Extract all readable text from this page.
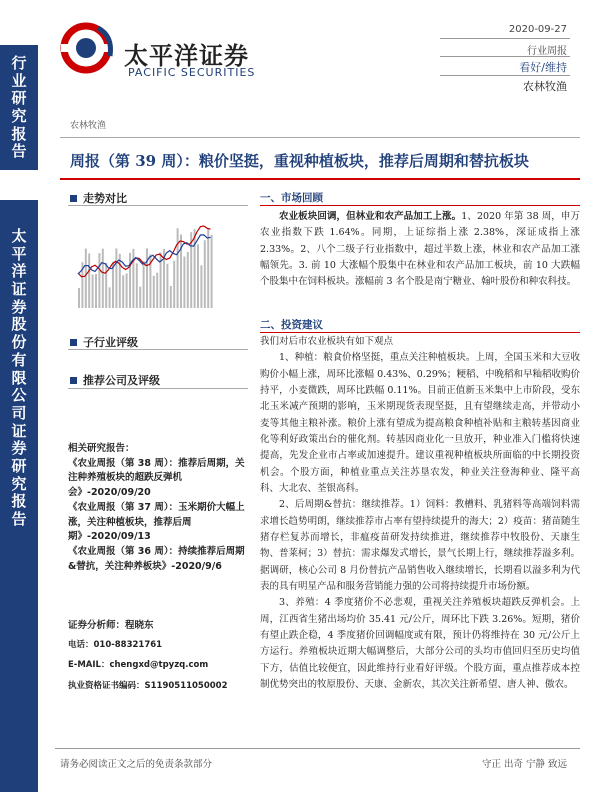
行
业
研
究
报
告
太
平
洋
证
券
股
份
有
限
公
司
证
券
研
究
报
告
太平洋证券
PACIFIC SECURITIES
2020-09-27
行业周报
看好/维持
农林牧渔
农林牧渔
周报（第 39 周）：粮价坚挺，重视种植板块，推荐后周期和替抗板块
走势对比
子行业评级
推荐公司及评级
相关研究报告：
《农业周报（第 38 周）：推荐后周期，关注种养殖板块的超跌反弹机会》-2020/09/20
《农业周报（第 37 周）：玉米期价大幅上涨，关注种植板块，推荐后周期》-2020/09/13
《农业周报（第 36 周）：持续推荐后周期&替抗，关注种养板块》-2020/9/6
证券分析师：程晓东
电话：010-88321761
E-MAIL：chengxd@tpyzq.com
执业资格证书编码：S1190511050002
一、市场回顾
农业板块回调，但林业和农产品加工上涨。1、2020 年第 38 周，申万农业指数下跌 1.64%。同期，上证综指上涨 2.38%，深证成指上涨 2.33%。2、八个二级子行业指数中，超过半数上涨，林业和农产品加工涨幅领先。3. 前 10 大涨幅个股集中在林业和农产品加工板块，前 10 大跌幅个股集中在饲料板块。涨幅前 3 名个股是南宁糖业、翰叶股份和种农科技。
二、投资建议
我们对后市农业板块有如下观点
1、种植：粮食价格坚挺，重点关注种植板块。上周，全国玉米和大豆收购价小幅上涨，周环比涨幅 0.43%、0.29%；粳稻、中晚稻和早籼稻收购价持平，小麦微跌，周环比跌幅 0.11%。目前正值新玉米集中上市阶段，受东北玉米减产预期的影响，玉米期现货表现坚挺，且有望继续走高，并带动小麦等其他主粮补涨。粮价上涨有望成为提高粮食种植补贴和主粮转基因商业化等利好政策出台的催化剂。转基因商业化一旦放开，种业准入门槛将快速提高，先发企业市占率或加速提升。建议重视种植板块所面临的中长期投资机会。个股方面，种植业重点关注苏垦农发，种业关注登海种业、隆平高科、大北农、荃银高科。
2、后周期&替抗：继续推荐。1）饲料：教槽料、乳猪料等高端饲料需求增长趋势明朗，继续推荐市占率有望持续提升的海大；2）疫苗：猪苗随生猪存栏复苏而增长，非瘟疫苗研发持续推进，继续推荐中牧股份、天康生物、普莱柯；3）替抗：需求爆发式增长，景气长期上行，继续推荐溢多利。据调研，核心公司 8 月份替抗产品销售收入继续增长，长期看以溢多利为代表的具有明星产品和服务营销能力强的公司将持续提升市场份额。
3、养殖：4 季度猪价不必悲观，重视关注养殖板块超跌反弹机会。上周，江西省生猪出场均价 35.41 元/公斤，周环比下跌 3.26%。短期，猪价有望止跌企稳，4 季度猪价回调幅度或有限，预计仍将维持在 30 元/公斤上方运行。养殖板块近期大幅调整后，大部分公司的头均市值回归至历史均值下方，估值比较便宜，因此维持行业看好评级。个股方面，重点推荐成本控制优势突出的牧原股份、天康、金新农，其次关注新希望、唐人神、傲农。
请务必阅读正文之后的免责条款部分	守正 出奇 宁静 致远
